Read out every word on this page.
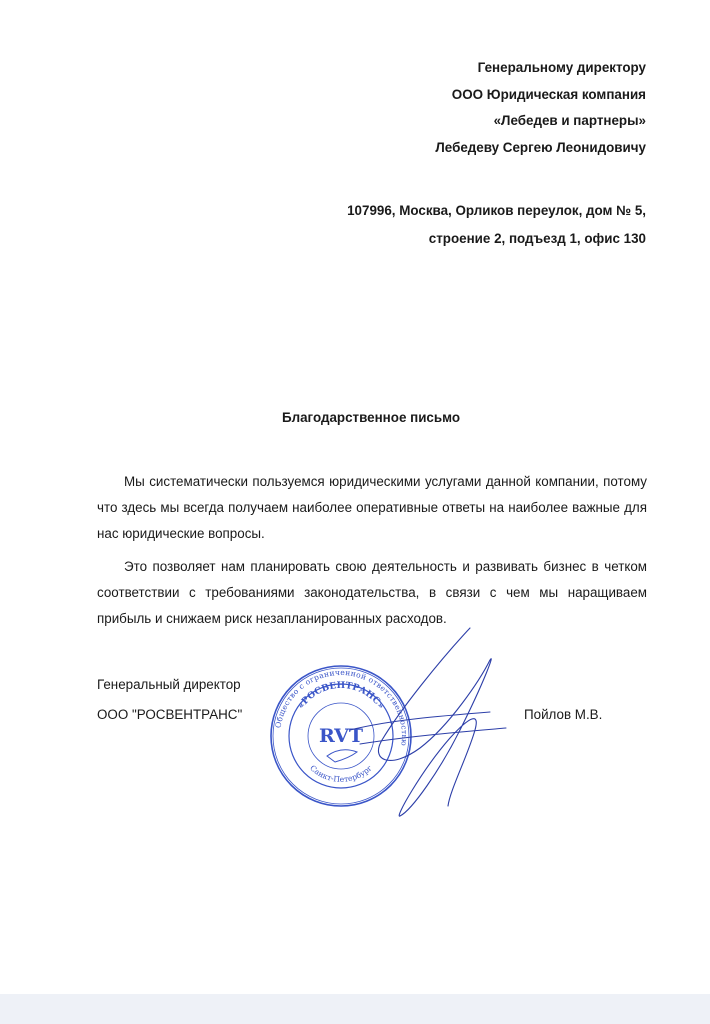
Генеральному директору
ООО Юридическая компания
«Лебедев и партнеры»
Лебедеву Сергею Леонидовичу
107996, Москва, Орликов переулок, дом № 5,
строение 2, подъезд 1, офис 130
Благодарственное письмо

Мы систематически пользуемся юридическими услугами данной компании, потому что здесь мы всегда получаем наиболее оперативные ответы на наиболее важные для нас юридические вопросы.

Это позволяет нам планировать свою деятельность и развивать бизнес в четком соответствии с требованиями законодательства, в связи с чем мы наращиваем прибыль и снижаем риск незапланированных расходов.

Генеральный директор
ООО "РОСВЕНТРАНС"	Пойлов М.В.
Общество с ограниченной ответственностью
«РОСВЕНТРАНС»
Санкт-Петербург
RVT
